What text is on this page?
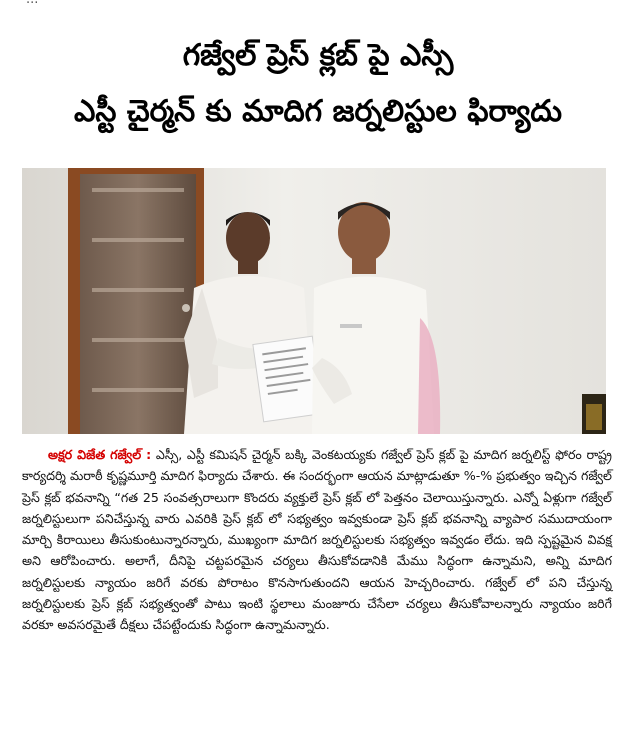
గజ్వేల్ ప్రెస్ క్లబ్ పై ఎస్సీ
ఎస్టీ చైర్మన్ కు మాదిగ జర్నలిస్టుల ఫిర్యాదు
అక్షర విజేత గజ్వేల్ : ఎస్సీ, ఎస్టీ కమిషన్ చైర్మన్ బక్కి వెంకటయ్యకు గజ్వేల్ ప్రెస్ క్లబ్ పై మాదిగ జర్నలిస్ట్ ఫోరం రాష్ట్ర కార్యదర్శి మరాఠీ కృష్ణమూర్తి మాదిగ ఫిర్యాదు చేశారు. ఈ సందర్భంగా ఆయన మాట్లాడుతూ %-% ప్రభుత్వం ఇచ్చిన గజ్వేల్ ప్రెస్ క్లబ్ భవనాన్ని “గత 25 సంవత్సరాలుగా కొందరు వ్యక్తులే ప్రెస్ క్లబ్ లో పెత్తనం చెలాయిస్తున్నారు. ఎన్నో ఏళ్లుగా గజ్వేల్ జర్నలిస్టులుగా పనిచేస్తున్న వారు ఎవరికి ప్రెస్ క్లబ్ లో సభ్యత్వం ఇవ్వకుండా ప్రెస్ క్లబ్ భవనాన్ని వ్యాపార సముదాయంగా మార్చి కిరాయిలు తీసుకుంటున్నారన్నారు, ముఖ్యంగా మాదిగ జర్నలిస్టులకు సభ్యత్వం ఇవ్వడం లేదు. ఇది స్పష్టమైన వివక్ష అని ఆరోపించారు. అలాగే, దీనిపై చట్టపరమైన చర్యలు తీసుకోవడానికి మేము సిద్ధంగా ఉన్నామని, అన్ని మాదిగ జర్నలిస్టులకు న్యాయం జరిగే వరకు పోరాటం కొనసాగుతుందని ఆయన హెచ్చరించారు. గజ్వేల్ లో పని చేస్తున్న జర్నలిస్టులకు ప్రెస్ క్లబ్ సభ్యత్వంతో పాటు ఇంటి స్థలాలు మంజూరు చేసేలా చర్యలు తీసుకోవాలన్నారు న్యాయం జరిగే వరకూ అవసరమైతే దీక్షలు చేపట్టేందుకు సిద్ధంగా ఉన్నామన్నారు.
